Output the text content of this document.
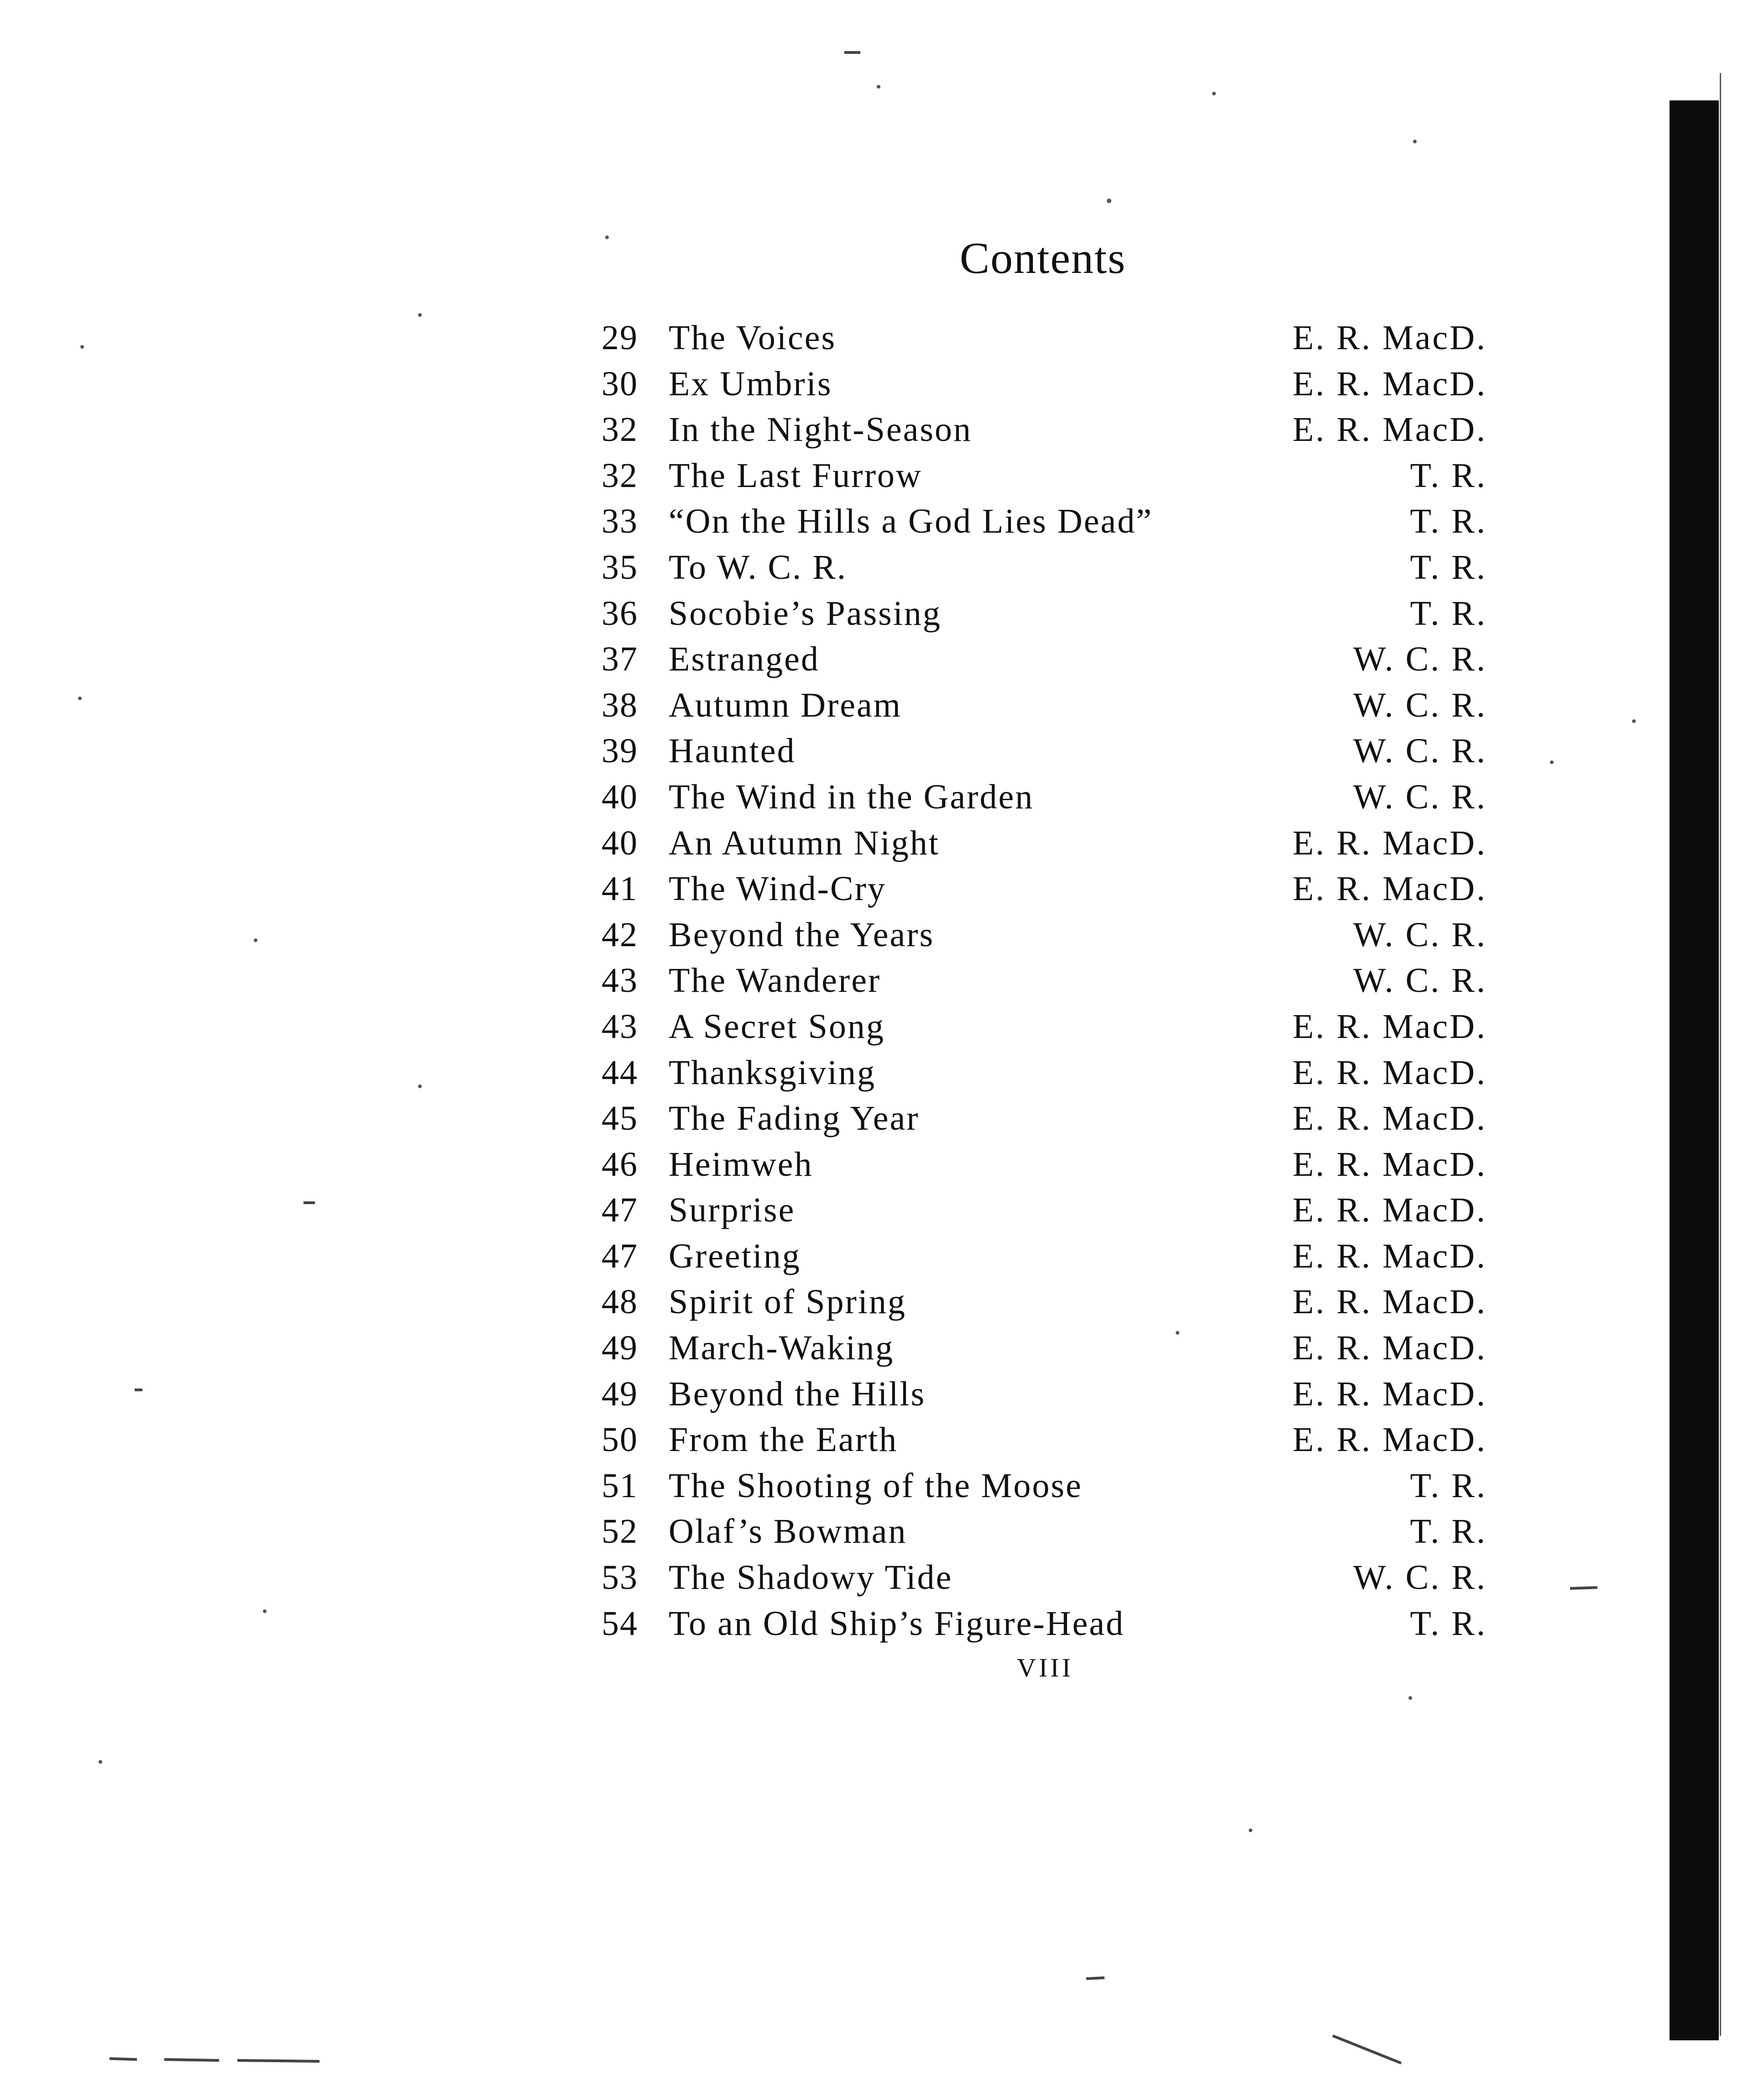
Contents
29 The Voices	E. R. MacD.
30 Ex Umbris	E. R. MacD.
32 In the Night-Season	E. R. MacD.
32 The Last Furrow	T. R.
33 “On the Hills a God Lies Dead”	T. R.
35 To W. C. R.	T. R.
36 Socobie’s Passing	T. R.
37 Estranged	W. C. R.
38 Autumn Dream	W. C. R.
39 Haunted	W. C. R.
40 The Wind in the Garden	W. C. R.
40 An Autumn Night	E. R. MacD.
41 The Wind-Cry	E. R. MacD.
42 Beyond the Years	W. C. R.
43 The Wanderer	W. C. R.
43 A Secret Song	E. R. MacD.
44 Thanksgiving	E. R. MacD.
45 The Fading Year	E. R. MacD.
46 Heimweh	E. R. MacD.
47 Surprise	E. R. MacD.
47 Greeting	E. R. MacD.
48 Spirit of Spring	E. R. MacD.
49 March-Waking	E. R. MacD.
49 Beyond the Hills	E. R. MacD.
50 From the Earth	E. R. MacD.
51 The Shooting of the Moose	T. R.
52 Olaf’s Bowman	T. R.
53 The Shadowy Tide	W. C. R.
54 To an Old Ship’s Figure-Head	T. R.
VIII
